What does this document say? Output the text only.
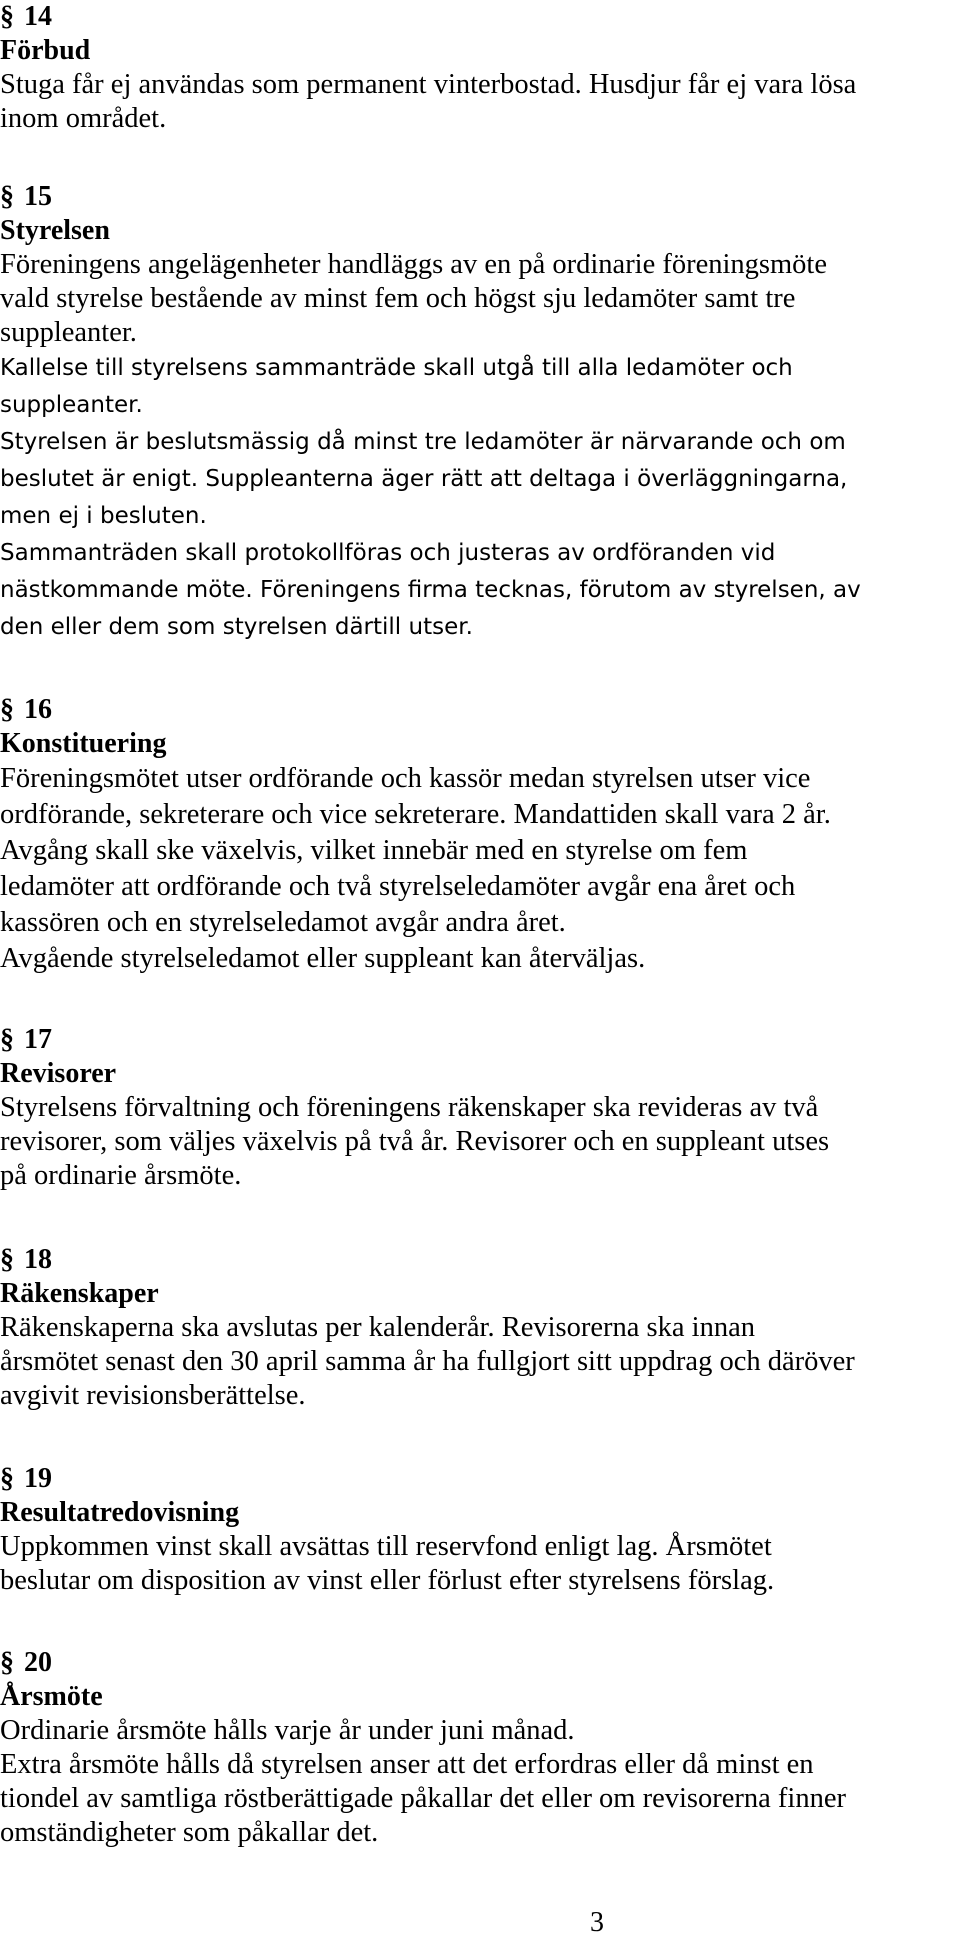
§ 14

Förbud

Stuga får ej användas som permanent vinterbostad. Husdjur får ej vara lösa

inom området.

§ 15

Styrelsen

Föreningens angelägenheter handläggs av en på ordinarie föreningsmöte

vald styrelse bestående av minst fem och högst sju ledamöter samt tre

suppleanter.

Kallelse till styrelsens sammanträde skall utgå till alla ledamöter och

suppleanter.

Styrelsen är beslutsmässig då minst tre ledamöter är närvarande och om

beslutet är enigt. Suppleanterna äger rätt att deltaga i överläggningarna,

men ej i besluten.

Sammanträden skall protokollföras och justeras av ordföranden vid

nästkommande möte. Föreningens firma tecknas, förutom av styrelsen, av

den eller dem som styrelsen därtill utser.

§ 16

Konstituering

Föreningsmötet utser ordförande och kassör medan styrelsen utser vice

ordförande, sekreterare och vice sekreterare. Mandattiden skall vara 2 år.

Avgång skall ske växelvis, vilket innebär med en styrelse om fem

ledamöter att ordförande och två styrelseledamöter avgår ena året och

kassören och en styrelseledamot avgår andra året.

Avgående styrelseledamot eller suppleant kan återväljas.

§ 17

Revisorer

Styrelsens förvaltning och föreningens räkenskaper ska revideras av två

revisorer, som väljes växelvis på två år. Revisorer och en suppleant utses

på ordinarie årsmöte.

§ 18

Räkenskaper

Räkenskaperna ska avslutas per kalenderår. Revisorerna ska innan

årsmötet senast den 30 april samma år ha fullgjort sitt uppdrag och däröver

avgivit revisionsberättelse.

§ 19

Resultatredovisning

Uppkommen vinst skall avsättas till reservfond enligt lag. Årsmötet

beslutar om disposition av vinst eller förlust efter styrelsens förslag.

§ 20

Årsmöte

Ordinarie årsmöte hålls varje år under juni månad.

Extra årsmöte hålls då styrelsen anser att det erfordras eller då minst en

tiondel av samtliga röstberättigade påkallar det eller om revisorerna finner

omständigheter som påkallar det.

3
